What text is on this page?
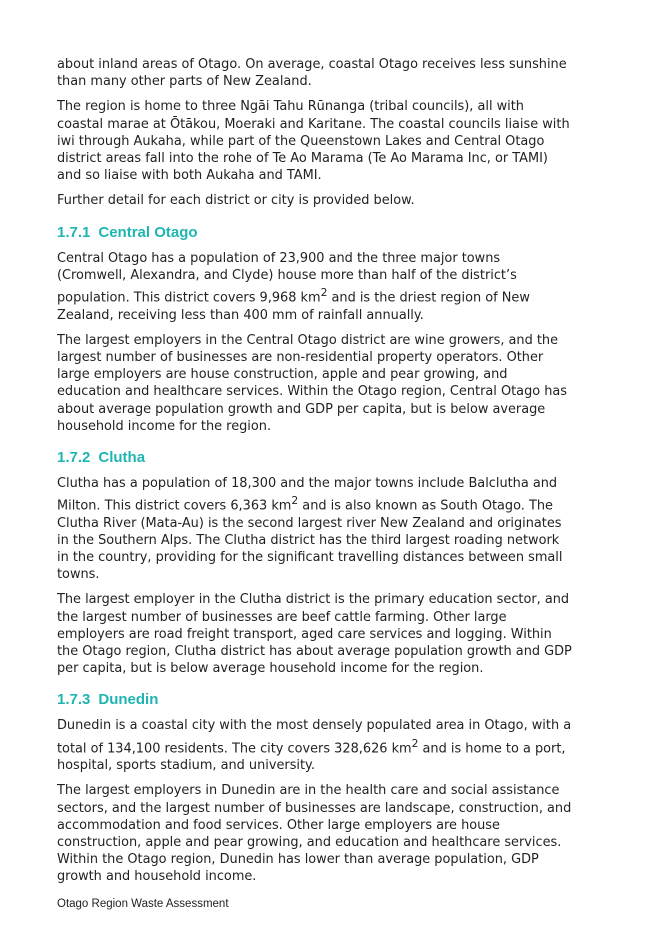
about inland areas of Otago. On average, coastal Otago receives less sunshine than many other parts of New Zealand.

The region is home to three Ngāi Tahu Rūnanga (tribal councils), all with coastal marae at Ōtākou, Moeraki and Karitane. The coastal councils liaise with iwi through Aukaha, while part of the Queenstown Lakes and Central Otago district areas fall into the rohe of Te Ao Marama (Te Ao Marama Inc, or TAMI) and so liaise with both Aukaha and TAMI.

Further detail for each district or city is provided below.

1.7.1 Central Otago

Central Otago has a population of 23,900 and the three major towns (Cromwell, Alexandra, and Clyde) house more than half of the district’s population. This district covers 9,968 $km^2$ and is the driest region of New Zealand, receiving less than 400 mm of rainfall annually.

The largest employers in the Central Otago district are wine growers, and the largest number of businesses are non-residential property operators. Other large employers are house construction, apple and pear growing, and education and healthcare services. Within the Otago region, Central Otago has about average population growth and GDP per capita, but is below average household income for the region.

1.7.2 Clutha

Clutha has a population of 18,300 and the major towns include Balclutha and Milton. This district covers 6,363 $km^2$ and is also known as South Otago. The Clutha River (Mata-Au) is the second largest river New Zealand and originates in the Southern Alps. The Clutha district has the third largest roading network in the country, providing for the significant travelling distances between small towns.

The largest employer in the Clutha district is the primary education sector, and the largest number of businesses are beef cattle farming. Other large employers are road freight transport, aged care services and logging. Within the Otago region, Clutha district has about average population growth and GDP per capita, but is below average household income for the region.

1.7.3 Dunedin

Dunedin is a coastal city with the most densely populated area in Otago, with a total of 134,100 residents. The city covers 328,626 $km^2$ and is home to a port, hospital, sports stadium, and university.

The largest employers in Dunedin are in the health care and social assistance sectors, and the largest number of businesses are landscape, construction, and accommodation and food services. Other large employers are house construction, apple and pear growing, and education and healthcare services. Within the Otago region, Dunedin has lower than average population, GDP growth and household income.

Otago Region Waste Assessment
